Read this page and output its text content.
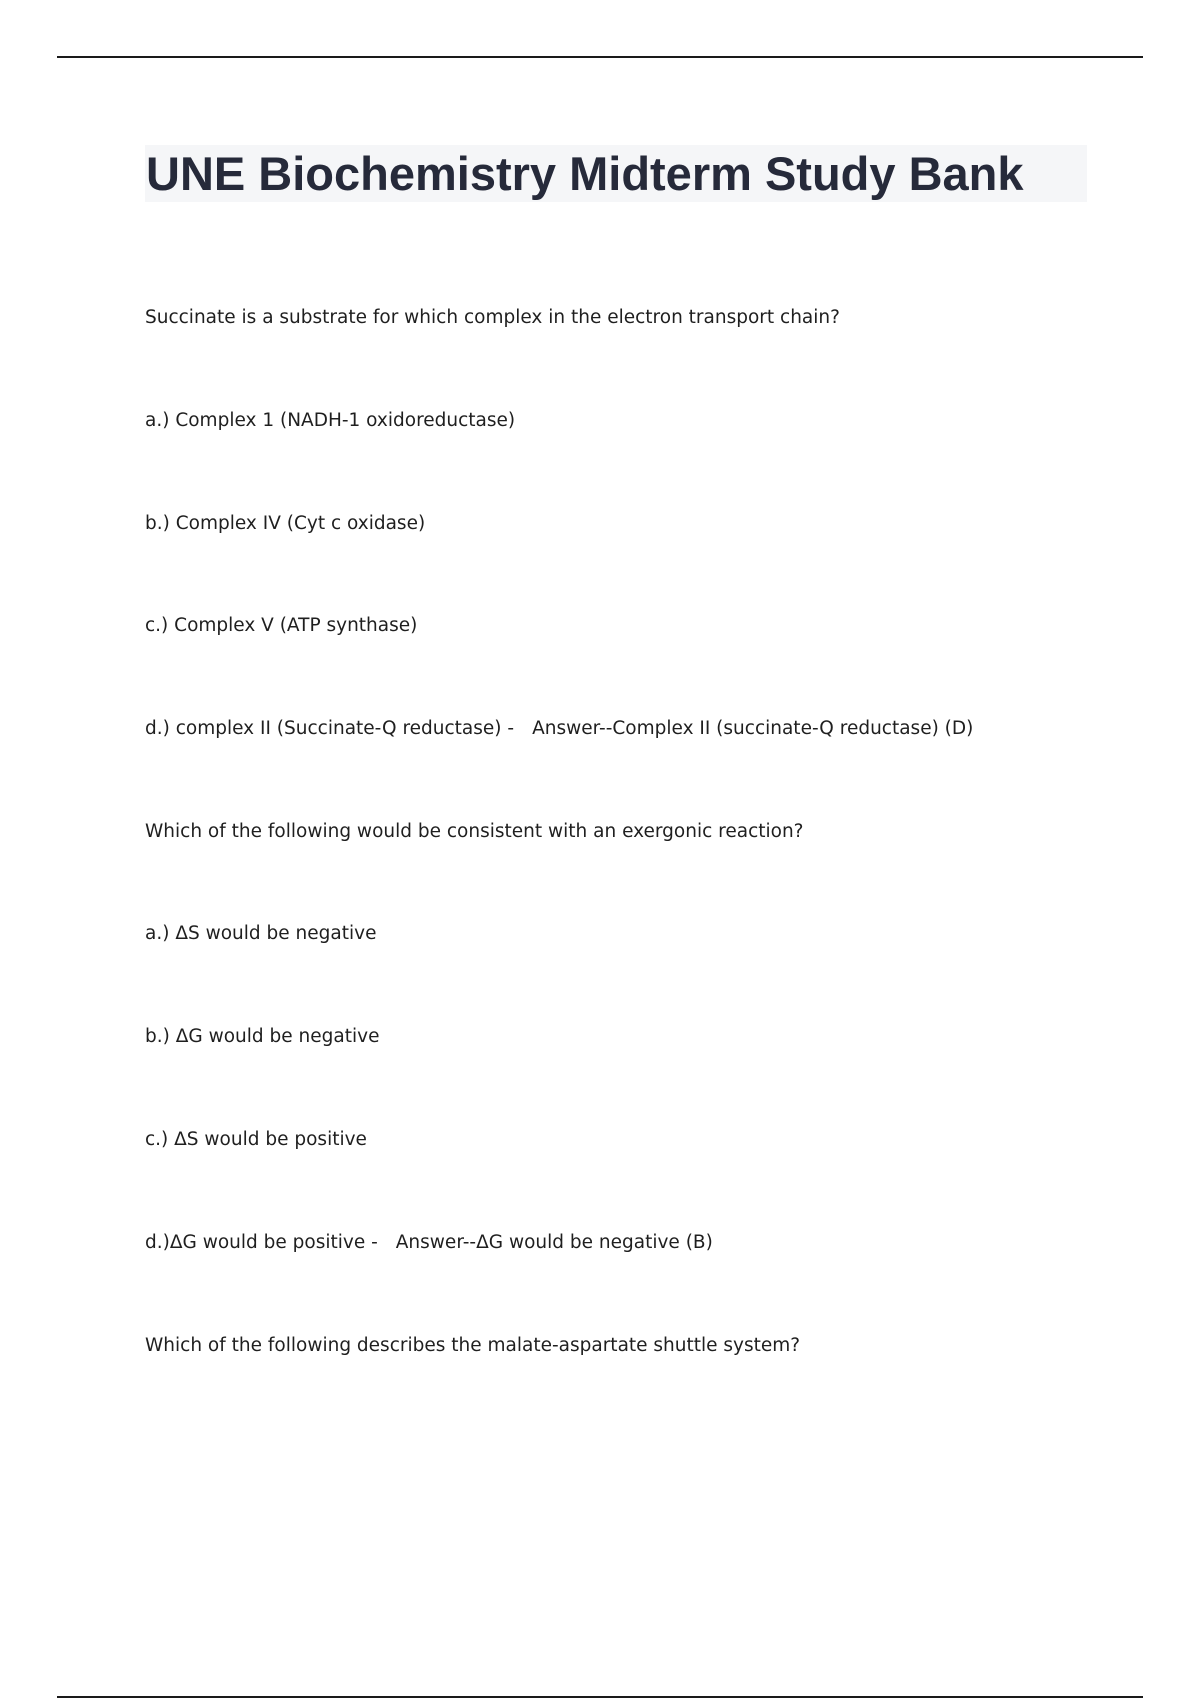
UNE Biochemistry Midterm Study Bank

Succinate is a substrate for which complex in the electron transport chain?

a.) Complex 1 (NADH-1 oxidoreductase)

b.) Complex IV (Cyt c oxidase)

c.) Complex V (ATP synthase)

d.) complex II (Succinate-Q reductase) - Answer--Complex II (succinate-Q reductase) (D)

Which of the following would be consistent with an exergonic reaction?

a.) ΔS would be negative

b.) ΔG would be negative

c.) ΔS would be positive

d.)ΔG would be positive - Answer--ΔG would be negative (B)

Which of the following describes the malate-aspartate shuttle system?
